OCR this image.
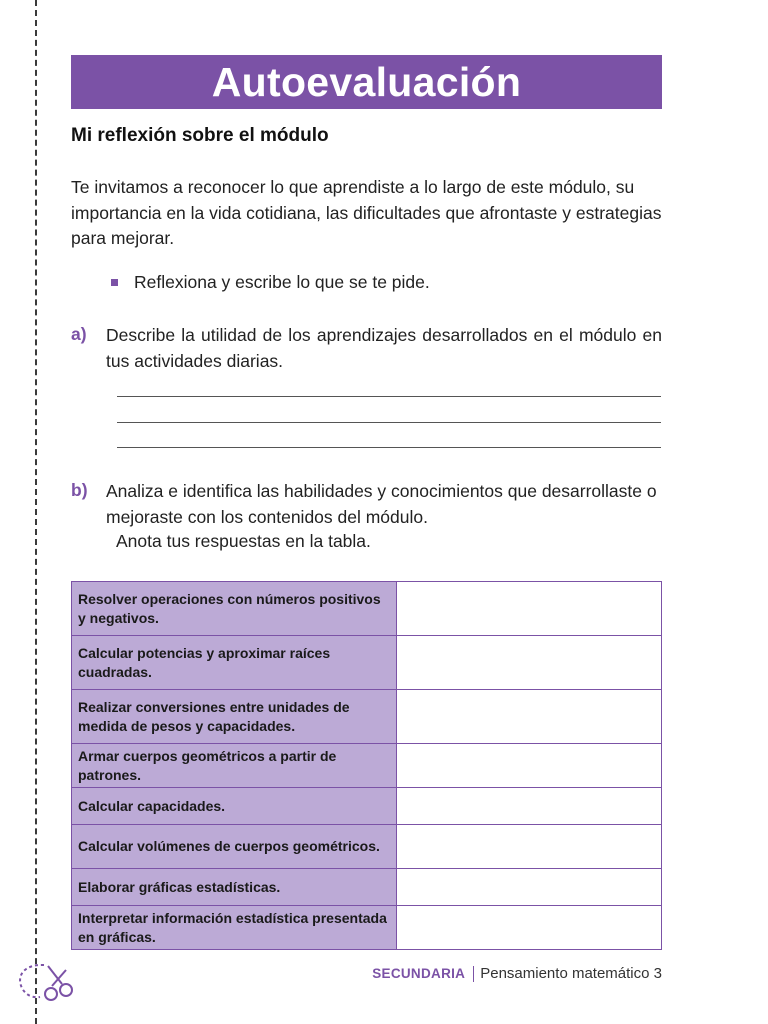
Autoevaluación
Mi reflexión sobre el módulo
Te invitamos a reconocer lo que aprendiste a lo largo de este módulo, su importancia en la vida cotidiana, las dificultades que afrontaste y estrategias para mejorar.
Reflexiona y escribe lo que se te pide.
a) Describe la utilidad de los aprendizajes desarrollados en el módulo en tus actividades diarias.
b) Analiza e identifica las habilidades y conocimientos que desarrollaste o mejoraste con los contenidos del módulo.
Anota tus respuestas en la tabla.
Resolver operaciones con números positivos y negativos.	
Calcular potencias y aproximar raíces cuadradas.	
Realizar conversiones entre unidades de medida de pesos y capacidades.	
Armar cuerpos geométricos a partir de patrones.	
Calcular capacidades.	
Calcular volúmenes de cuerpos geométricos.	
Elaborar gráficas estadísticas.	
Interpretar información estadística presentada en gráficas.	
SECUNDARIA Pensamiento matemático 3
